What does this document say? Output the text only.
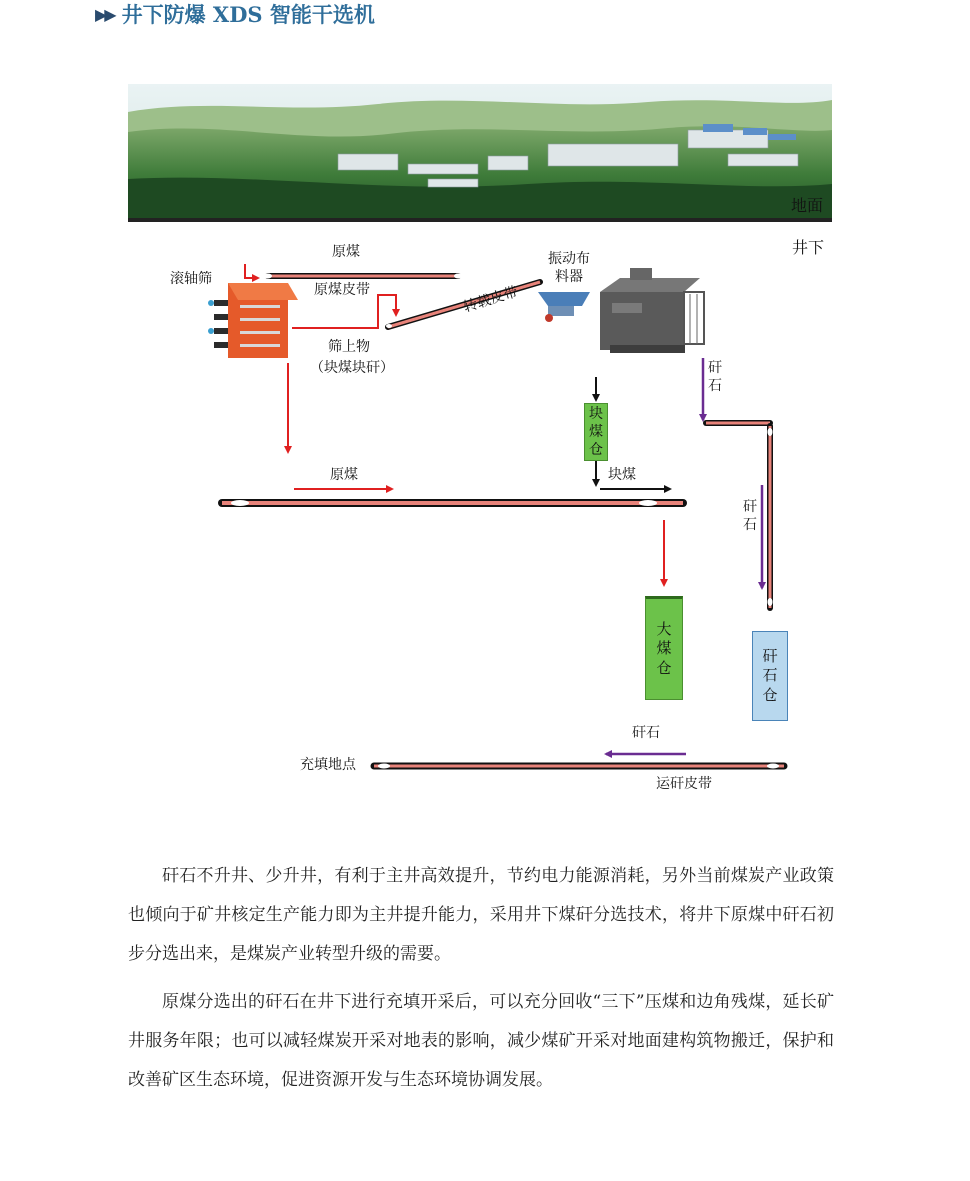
▶▶ 井下防爆 XDS 智能干选机
地面
井下
块煤仓
大煤仓
矸石仓
原煤
滚轴筛
原煤皮带	转载皮带
振动布料器
筛上物
（块煤块矸）	矸石
原煤	块煤
矸石
矸石
充填地点
运矸皮带

矸石不升井、少升井，有利于主井高效提升，节约电力能源消耗，另外当前煤炭产业政策也倾向于矿井核定生产能力即为主井提升能力，采用井下煤矸分选技术，将井下原煤中矸石初步分选出来，是煤炭产业转型升级的需要。

原煤分选出的矸石在井下进行充填开采后，可以充分回收“三下”压煤和边角残煤，延长矿井服务年限；也可以减轻煤炭开采对地表的影响，减少煤矿开采对地面建构筑物搬迁，保护和改善矿区生态环境，促进资源开发与生态环境协调发展。
